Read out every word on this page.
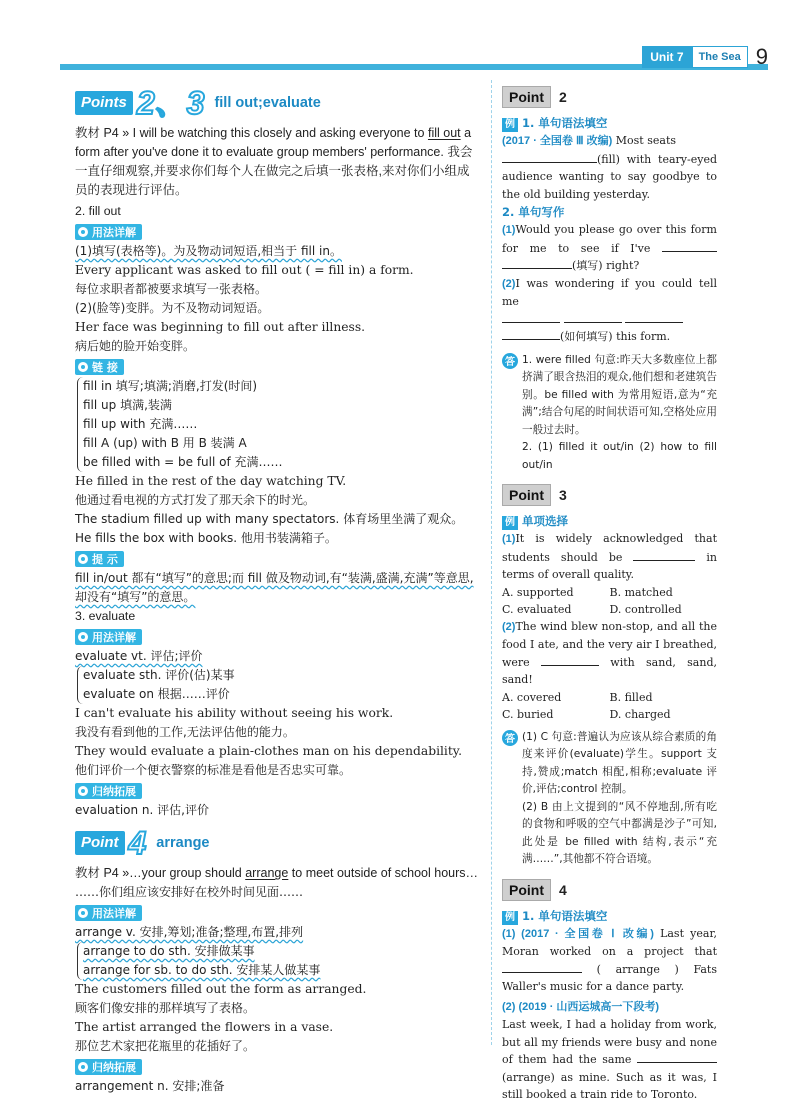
Unit 7	The Sea 9
Points 2、3 fill out;evaluate

教材 P4 » I will be watching this closely and asking everyone to fill out a form after you've done it to evaluate group members' performance. 我会一直仔细观察,并要求你们每个人在做完之后填一张表格,来对你们小组成员的表现进行评估。

2. fill out
用法详解
(1)填写(表格等)。为及物动词短语,相当于 fill in。
Every applicant was asked to fill out ( = fill in) a form.
每位求职者都被要求填写一张表格。
(2)(脸等)变胖。为不及物动词短语。
Her face was beginning to fill out after illness.
病后她的脸开始变胖。
链 接
fill in 填写;填满;消磨,打发(时间)
fill up 填满,装满
fill up with 充满……
fill A (up) with B 用 B 装满 A
be filled with = be full of 充满……
He filled in the rest of the day watching TV.
他通过看电视的方式打发了那天余下的时光。
The stadium filled up with many spectators. 体育场里坐满了观众。
He fills the box with books. 他用书装满箱子。
提 示
fill in/out 都有“填写”的意思;而 fill 做及物动词,有“装满,盛满,充满”等意思,却没有“填写”的意思。
3. evaluate
用法详解
evaluate vt. 评估;评价
evaluate sth. 评价(估)某事
evaluate on 根据……评价
I can't evaluate his ability without seeing his work.
我没有看到他的工作,无法评估他的能力。
They would evaluate a plain-clothes man on his dependability.
他们评价一个便衣警察的标准是看他是否忠实可靠。
归纳拓展
evaluation n. 评估,评价
Point 4 arrange

教材 P4 »…your group should arrange to meet outside of school hours…

……你们组应该安排好在校外时间见面……
用法详解
arrange v. 安排,筹划;准备;整理,布置,排列
arrange to do sth. 安排做某事
arrange for sb. to do sth. 安排某人做某事
The customers filled out the form as arranged.
顾客们像安排的那样填写了表格。
The artist arranged the flowers in a vase.
那位艺术家把花瓶里的花插好了。
归纳拓展
arrangement n. 安排;准备
Point	2
例 1. 单句语法填空
(2017 · 全国卷 Ⅲ 改编) Most seats
(fill) with teary-eyed audience wanting to say goodbye to the old building yesterday.
2. 单句写作
(1)Would you please go over this form for me to see if I've  (填写) right?
(2)I was wondering if you could tell me

(如何填写) this form.
答 1. were filled 句意:昨天大多数座位上都挤满了眼含热泪的观众,他们想和老建筑告别。be filled with 为常用短语,意为“充满”;结合句尾的时间状语可知,空格处应用一般过去时。
2. (1) filled it out/in (2) how to fill out/in
Point	3
例 单项选择
(1)It is widely acknowledged that students should be	in terms of overall quality.
A. supported	B. matched
C. evaluated	D. controlled
(2)The wind blew non-stop, and all the food I ate, and the very air I breathed, were	with sand, sand, sand!
A. covered	B. filled
C. buried	D. charged
答 (1) C 句意:普遍认为应该从综合素质的角度来评价(evaluate)学生。support 支持,赞成;match 相配,相称;evaluate 评价,评估;control 控制。
(2) B 由上文提到的“风不停地刮,所有吃的食物和呼吸的空气中都满是沙子”可知,此处是 be filled with 结构,表示“充满……”,其他都不符合语境。
Point	4
例 1. 单句语法填空
(1) (2017 · 全国卷 Ⅰ 改编) Last year, Moran worked on a project that  ( arrange ) Fats Waller's music for a dance party.
(2) (2019 · 山西运城高一下段考)
Last week, I had a holiday from work, but all my friends were busy and none of them had the same  (arrange) as mine. Such as it was, I still booked a train ride to Toronto.
